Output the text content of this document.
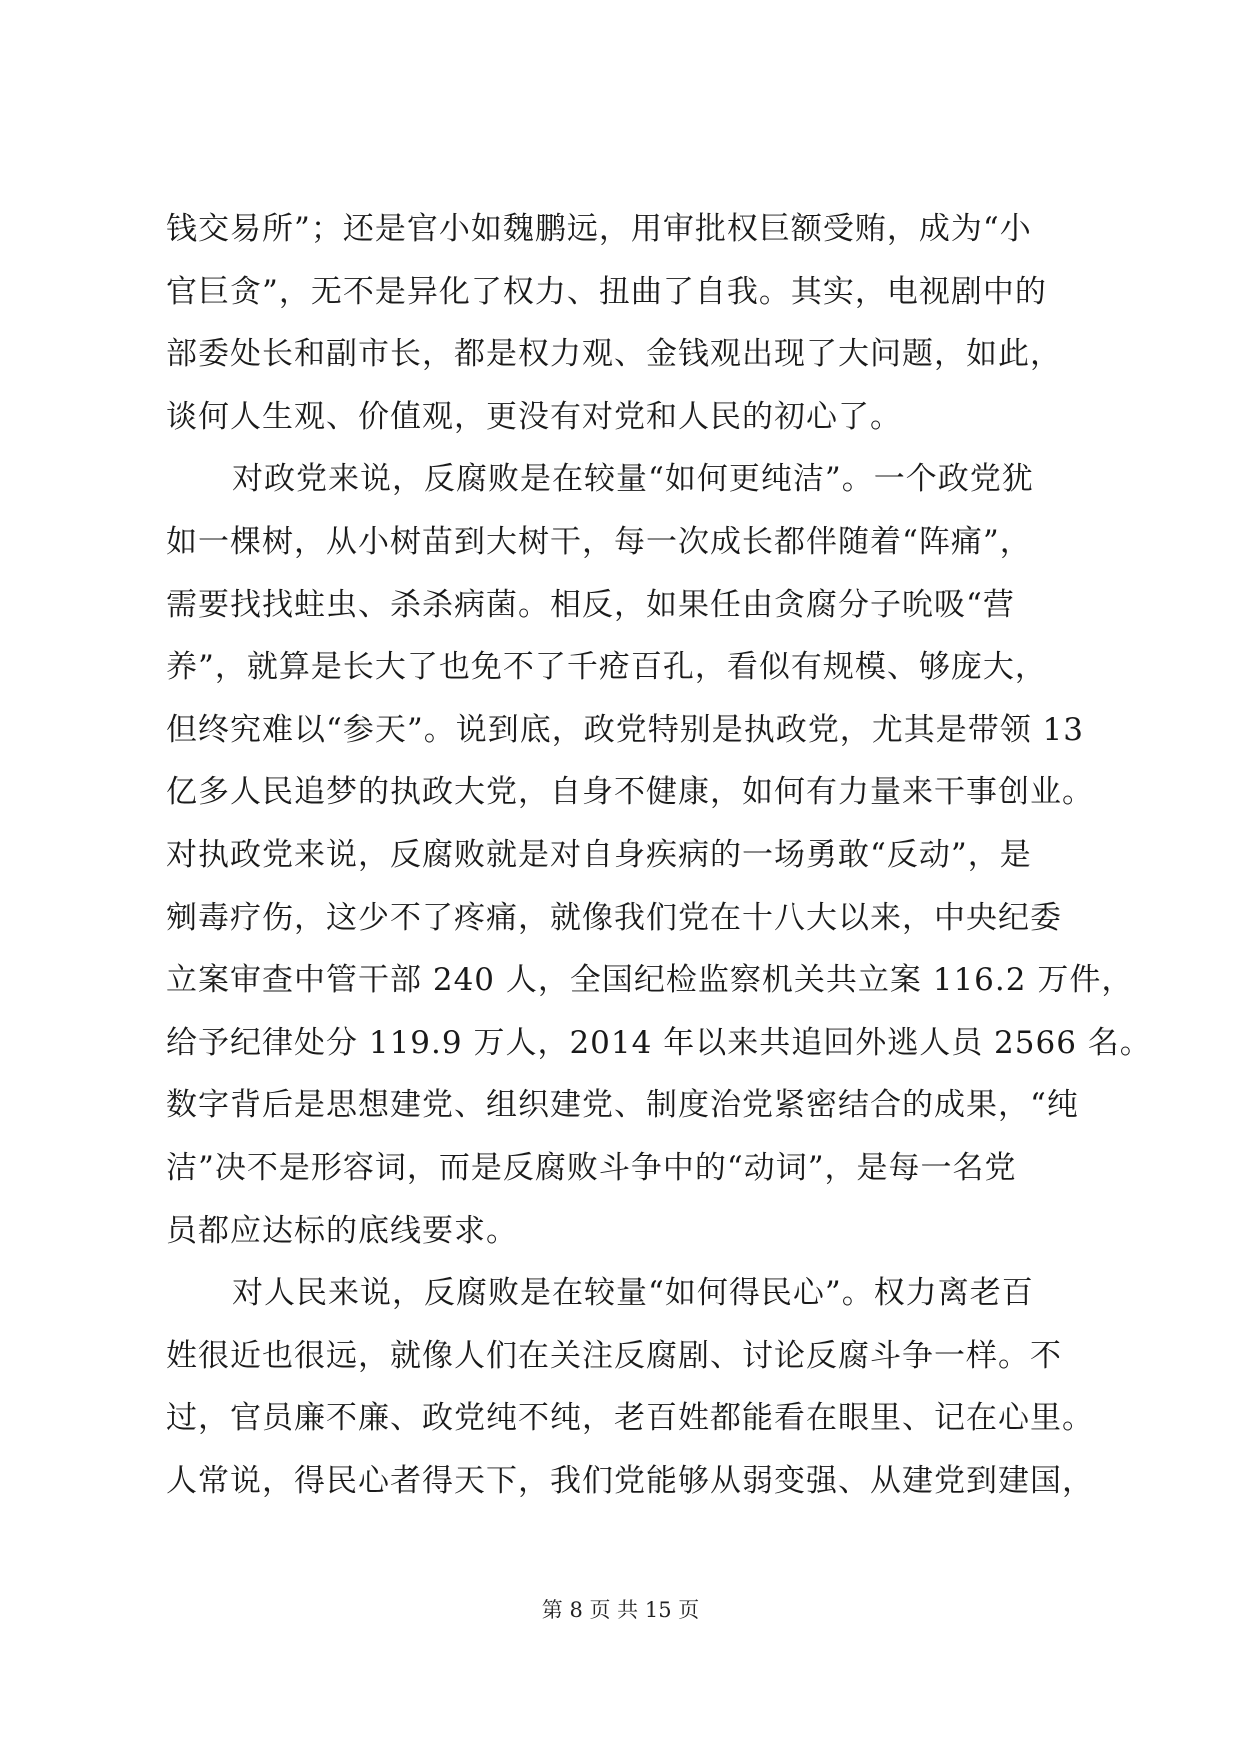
钱交易所”；还是官小如魏鹏远，用审批权巨额受贿，成为“小
官巨贪”，无不是异化了权力、扭曲了自我。其实，电视剧中的
部委处长和副市长，都是权力观、金钱观出现了大问题，如此，
谈何人生观、价值观，更没有对党和人民的初心了。
对政党来说，反腐败是在较量“如何更纯洁”。一个政党犹
如一棵树，从小树苗到大树干，每一次成长都伴随着“阵痛”，
需要找找蛀虫、杀杀病菌。相反，如果任由贪腐分子吮吸“营
养”，就算是长大了也免不了千疮百孔，看似有规模、够庞大，
但终究难以“参天”。说到底，政党特别是执政党，尤其是带领 13
亿多人民追梦的执政大党，自身不健康，如何有力量来干事创业。
对执政党来说，反腐败就是对自身疾病的一场勇敢“反动”，是
剜毒疗伤，这少不了疼痛，就像我们党在十八大以来，中央纪委
立案审查中管干部 240 人，全国纪检监察机关共立案 116.2 万件，
给予纪律处分 119.9 万人，2014 年以来共追回外逃人员 2566 名。
数字背后是思想建党、组织建党、制度治党紧密结合的成果，“纯
洁”决不是形容词，而是反腐败斗争中的“动词”，是每一名党
员都应达标的底线要求。
对人民来说，反腐败是在较量“如何得民心”。权力离老百
姓很近也很远，就像人们在关注反腐剧、讨论反腐斗争一样。不
过，官员廉不廉、政党纯不纯，老百姓都能看在眼里、记在心里。
人常说，得民心者得天下，我们党能够从弱变强、从建党到建国，
第 8 页 共 15 页
